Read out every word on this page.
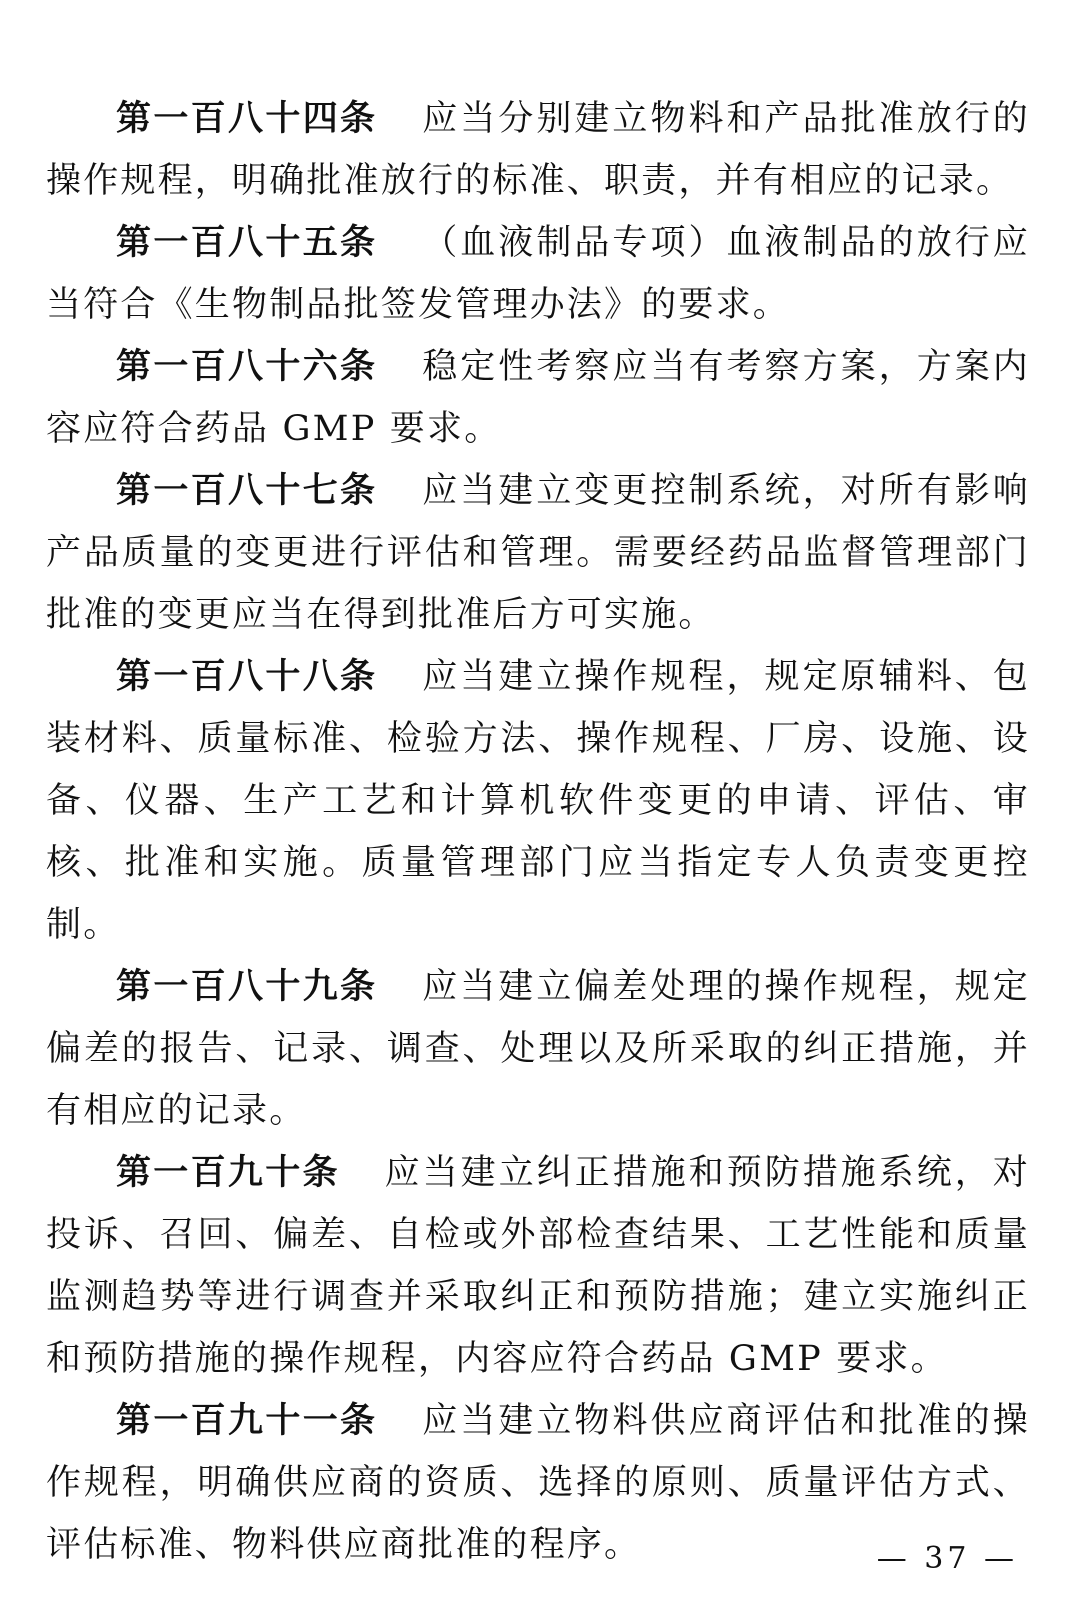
第一百八十四条 应当分别建立物料和产品批准放行的操作规程，明确批准放行的标准、职责，并有相应的记录。

第一百八十五条 （血液制品专项）血液制品的放行应当符合《生物制品批签发管理办法》的要求。

第一百八十六条 稳定性考察应当有考察方案，方案内容应符合药品 GMP 要求。

第一百八十七条 应当建立变更控制系统，对所有影响产品质量的变更进行评估和管理。需要经药品监督管理部门批准的变更应当在得到批准后方可实施。

第一百八十八条 应当建立操作规程，规定原辅料、包装材料、质量标准、检验方法、操作规程、厂房、设施、设备、仪器、生产工艺和计算机软件变更的申请、评估、审核、批准和实施。质量管理部门应当指定专人负责变更控制。

第一百八十九条 应当建立偏差处理的操作规程，规定偏差的报告、记录、调查、处理以及所采取的纠正措施，并有相应的记录。

第一百九十条 应当建立纠正措施和预防措施系统，对投诉、召回、偏差、自检或外部检查结果、工艺性能和质量监测趋势等进行调查并采取纠正和预防措施；建立实施纠正和预防措施的操作规程，内容应符合药品 GMP 要求。

第一百九十一条 应当建立物料供应商评估和批准的操作规程，明确供应商的资质、选择的原则、质量评估方式、评估标准、物料供应商批准的程序。	— 37 —
